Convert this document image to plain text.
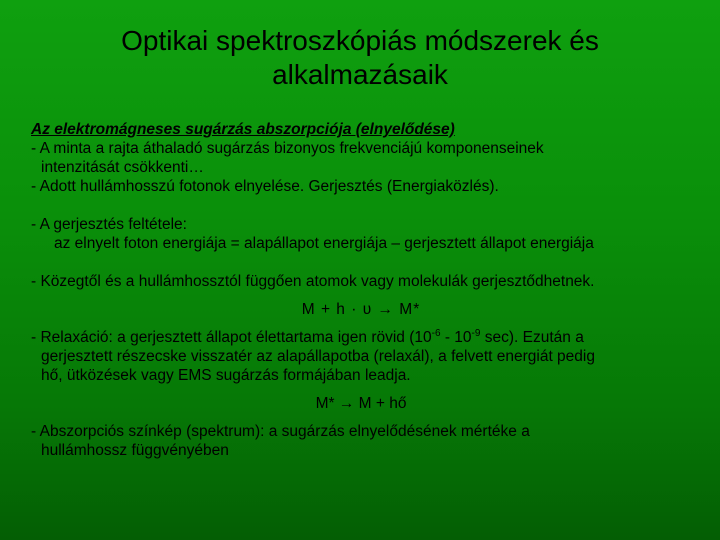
Optikai spektroszkópiás módszerek és
alkalmazásaik
Az elektromágneses sugárzás abszorpciója (elnyelődése)
- A minta a rajta áthaladó sugárzás bizonyos frekvenciájú komponenseinek
intenzitását csökkenti…
- Adott hullámhosszú fotonok elnyelése. Gerjesztés (Energiaközlés).
- A gerjesztés feltétele:
az elnyelt foton energiája = alapállapot energiája – gerjesztett állapot energiája
- Közegtől és a hullámhossztól függően atomok vagy molekulák gerjesztődhetnek.
M + h · υ → M*
- Relaxáció: a gerjesztett állapot élettartama igen rövid ($10^{-6} - 10^{-9}$ sec). Ezután a
gerjesztett részecske visszatér az alapállapotba (relaxál), a felvett energiát pedig
hő, ütközések vagy EMS sugárzás formájában leadja.
M* → M + hő
- Abszorpciós színkép (spektrum): a sugárzás elnyelődésének mértéke a
hullámhossz függvényében
